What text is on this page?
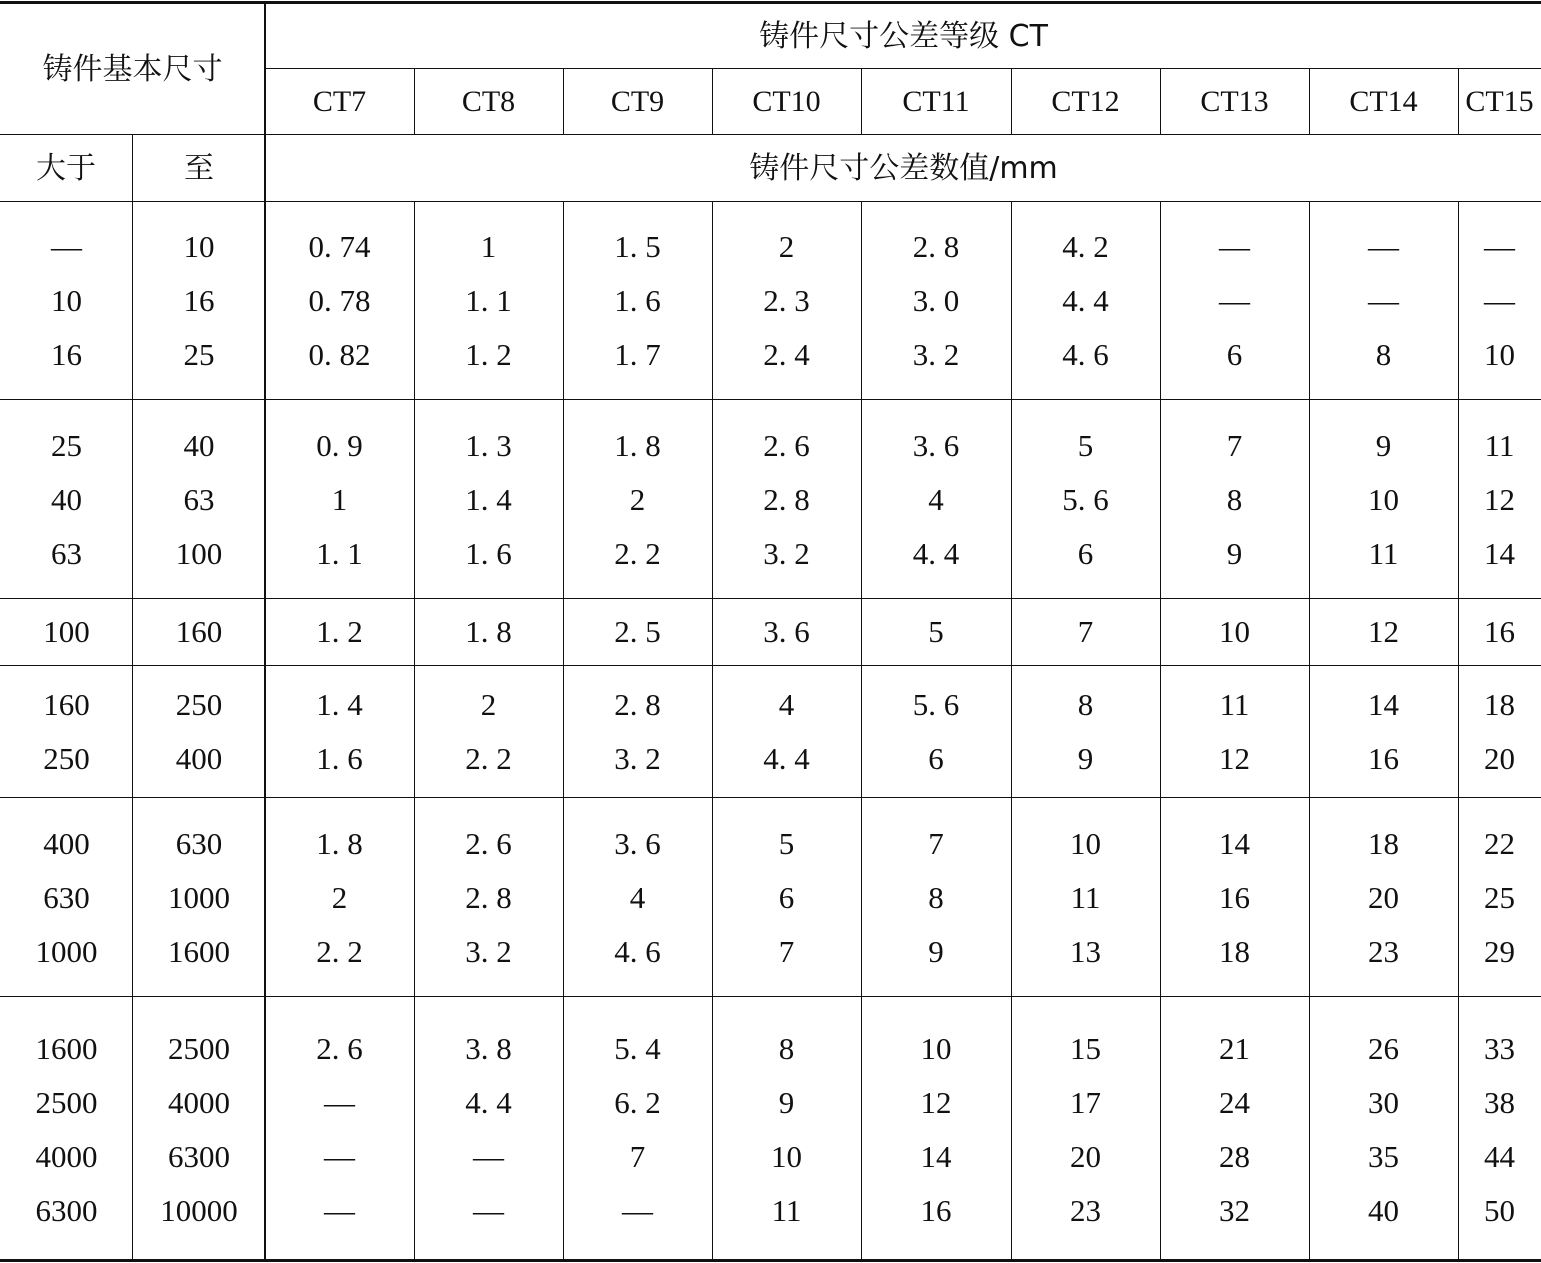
铸件基本尺寸
铸件尺寸公差等级 CT
大于	至	铸件尺寸公差数值/mm
CT7	CT8	CT9	CT10	CT11	CT12	CT13	CT14	CT15
—	10	0. 74	1	1. 5	2	2. 8	4. 2	—	—	—
10	16	0. 78	1. 1	1. 6	2. 3	3. 0	4. 4	—	—	—
16	25	0. 82	1. 2	1. 7	2. 4	3. 2	4. 6	6	8	10
25	40	0. 9	1. 3	1. 8	2. 6	3. 6	5	7	9	11
40	63	1	1. 4	2	2. 8	4	5. 6	8	10	12
63	100	1. 1	1. 6	2. 2	3. 2	4. 4	6	9	11	14
100	160	1. 2	1. 8	2. 5	3. 6	5	7	10	12	16
160	250	1. 4	2	2. 8	4	5. 6	8	11	14	18
250	400	1. 6	2. 2	3. 2	4. 4	6	9	12	16	20
400	630	1. 8	2. 6	3. 6	5	7	10	14	18	22
630	1000	2	2. 8	4	6	8	11	16	20	25
1000	1600	2. 2	3. 2	4. 6	7	9	13	18	23	29
1600	2500	2. 6	3. 8	5. 4	8	10	15	21	26	33
2500	4000	—	4. 4	6. 2	9	12	17	24	30	38
4000	6300	—	—	7	10	14	20	28	35	44
6300	10000	—	—	—	11	16	23	32	40	50
